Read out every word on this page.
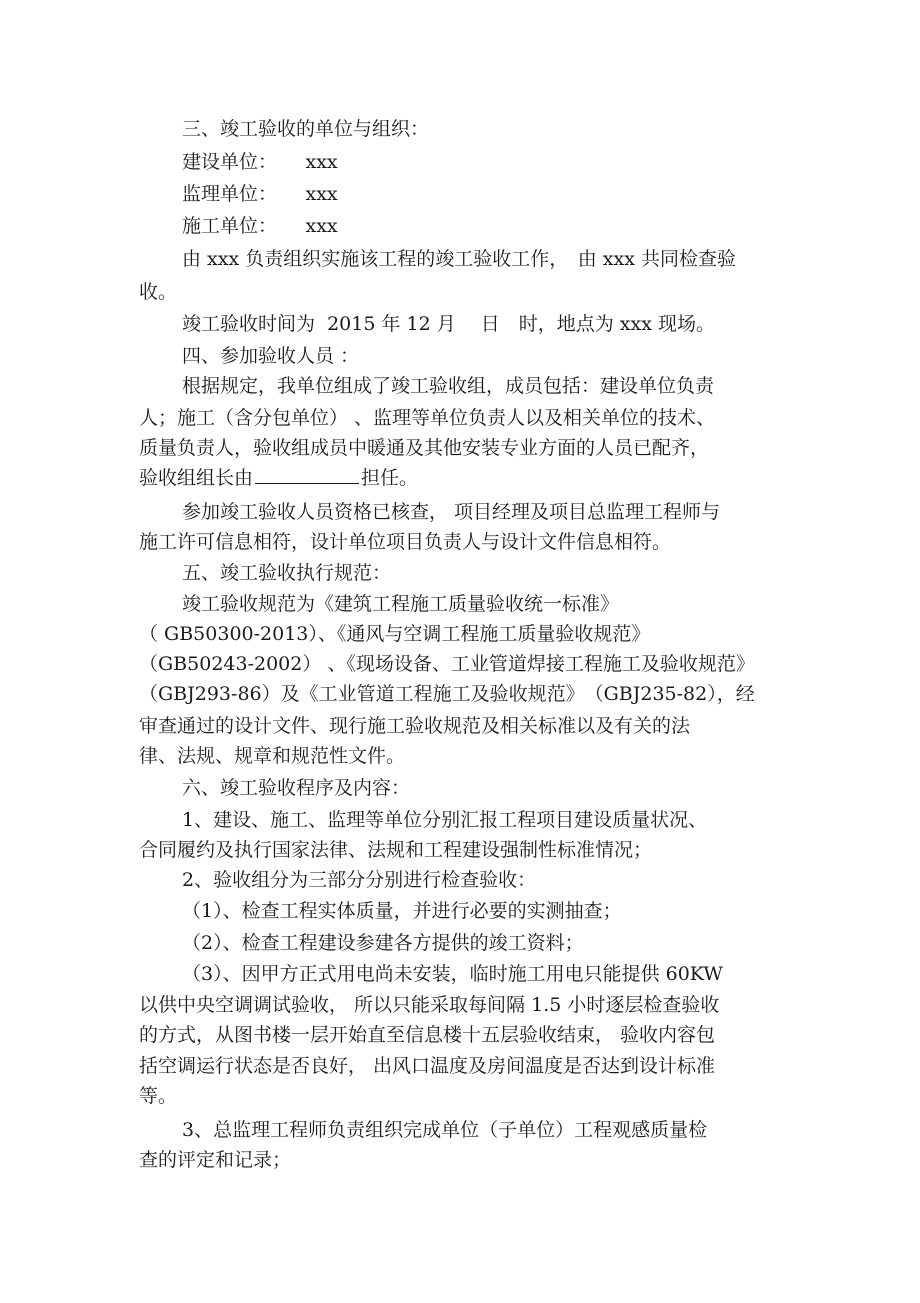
三、竣工验收的单位与组织：
建设单位：　　xxx
监理单位：　　xxx
施工单位：　　xxx
由 xxx 负责组织实施该工程的竣工验收工作，　由 xxx 共同检查验
收。
竣工验收时间为  2015 年 12 月　 日　时，地点为 xxx 现场。
四、参加验收人员 ：
根据规定，我单位组成了竣工验收组，成员包括：建设单位负责
人；施工（含分包单位） 、监理等单位负责人以及相关单位的技术、
质量负责人，验收组成员中暖通及其他安装专业方面的人员已配齐，
验收组组长由	担任。
参加竣工验收人员资格已核查， 项目经理及项目总监理工程师与
施工许可信息相符，设计单位项目负责人与设计文件信息相符。
五、竣工验收执行规范：
竣工验收规范为《建筑工程施工质量验收统一标准》
（ GB50300-2013）、《通风与空调工程施工质量验收规范》
（GB50243-2002） 、《现场设备、工业管道焊接工程施工及验收规范》
（GBJ293-86）及《工业管道工程施工及验收规范》　（GBJ235-82），经
审查通过的设计文件、现行施工验收规范及相关标准以及有关的法
律、法规、规章和规范性文件。
六、竣工验收程序及内容：
1、建设、施工、监理等单位分别汇报工程项目建设质量状况、
合同履约及执行国家法律、法规和工程建设强制性标准情况；
2、验收组分为三部分分别进行检查验收：
（1）、检查工程实体质量，并进行必要的实测抽查；
（2）、检查工程建设参建各方提供的竣工资料；
（3）、因甲方正式用电尚未安装，临时施工用电只能提供 60KW
以供中央空调调试验收， 所以只能采取每间隔 1.5 小时逐层检查验收
的方式，从图书楼一层开始直至信息楼十五层验收结束， 验收内容包
括空调运行状态是否良好， 出风口温度及房间温度是否达到设计标准
等。
3、总监理工程师负责组织完成单位（子单位）工程观感质量检
查的评定和记录；
